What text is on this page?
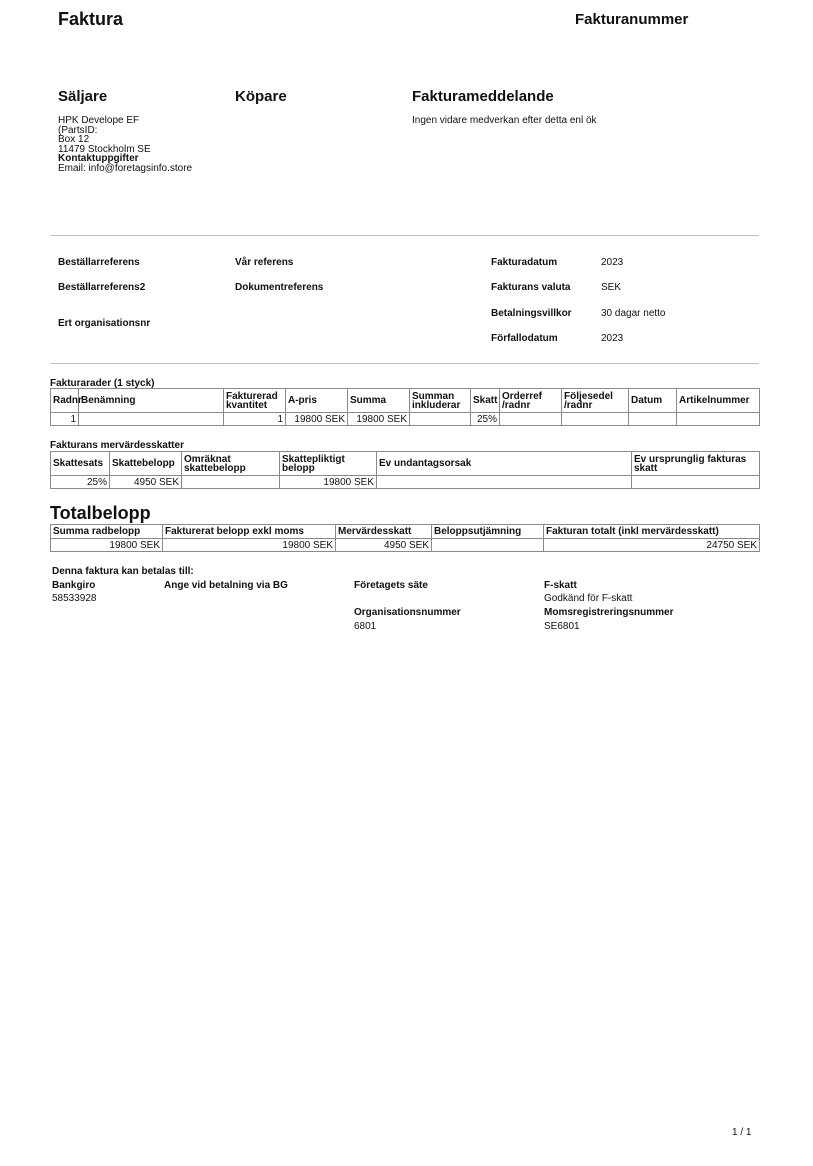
Faktura	Fakturanummer
Säljare	Köpare	Fakturameddelande
HPK Develope EF
(PartsID:
Box 12
11479 Stockholm SE
Kontaktuppgifter
Email: info@foretagsinfo.store
Ingen vidare medverkan efter detta enl ök
Beställarreferens
Beställarreferens2
Ert organisationsnr
Vår referens
Dokumentreferens
Fakturadatum	2023
Fakturans valuta	SEK
Betalningsvillkor	30 dagar netto
Förfallodatum	2023
Fakturarader (1 styck)
Radnr	Benämning	Fakturerad kvantitet	A-pris	Summa	Summan inkluderar	Skatt	Orderref /radnr	Följesedel /radnr	Datum	Artikelnummer
1		1	19800 SEK	19800 SEK		25%				
Fakturans mervärdesskatter
Skattesats	Skattebelopp	Omräknat skattebelopp	Skattepliktigt belopp	Ev undantagsorsak	Ev ursprunglig fakturas skatt
25%	4950 SEK		19800 SEK		
Totalbelopp
Summa radbelopp	Fakturerat belopp exkl moms	Mervärdesskatt	Beloppsutjämning	Fakturan totalt (inkl mervärdesskatt)
19800 SEK	19800 SEK	4950 SEK		24750 SEK
Denna faktura kan betalas till:
Bankgiro
58533928
Ange vid betalning via BG	Företagets säte
Organisationsnummer
6801
F-skatt
Godkänd för F-skatt
Momsregistreringsnummer
SE6801
1 / 1
